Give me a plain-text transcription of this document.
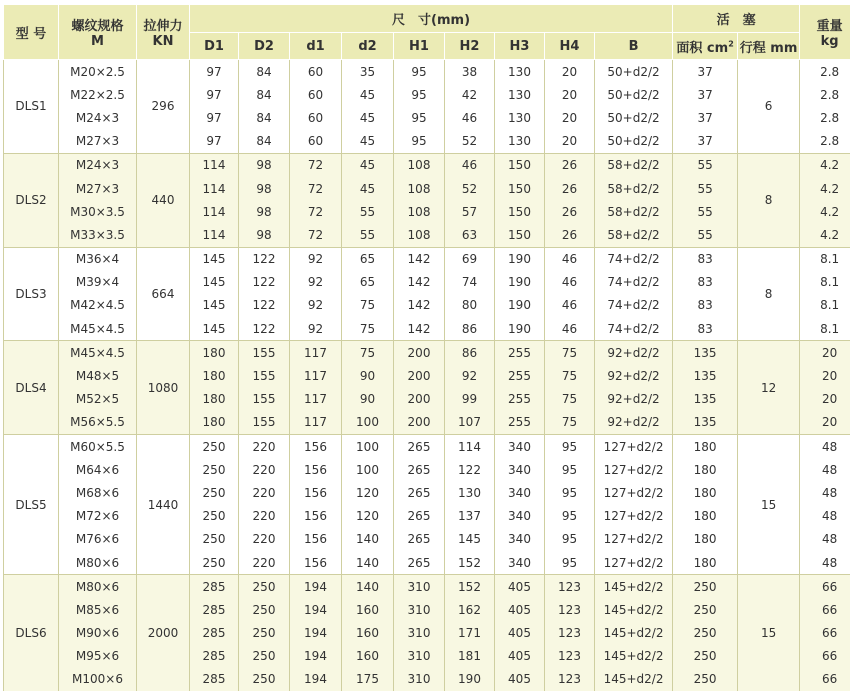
型 号	螺纹规格
M	拉伸力
KN	尺　寸(mm)									活　塞		重量
kg
			D1	D2	d1	d2	H1	H2	H3	H4	B	面积 $cm^2$	行程 mm	
DLS1	M20×2.5	296	97	84	60	35	95	38	130	20	50+d2/2	37	6	2.8
	M22×2.5		97	84	60	45	95	42	130	20	50+d2/2	37		2.8
	M24×3		97	84	60	45	95	46	130	20	50+d2/2	37		2.8
	M27×3		97	84	60	45	95	52	130	20	50+d2/2	37		2.8
DLS2	M24×3	440	114	98	72	45	108	46	150	26	58+d2/2	55	8	4.2
	M27×3		114	98	72	45	108	52	150	26	58+d2/2	55		4.2
	M30×3.5		114	98	72	55	108	57	150	26	58+d2/2	55		4.2
	M33×3.5		114	98	72	55	108	63	150	26	58+d2/2	55		4.2
DLS3	M36×4	664	145	122	92	65	142	69	190	46	74+d2/2	83	8	8.1
	M39×4		145	122	92	65	142	74	190	46	74+d2/2	83		8.1
	M42×4.5		145	122	92	75	142	80	190	46	74+d2/2	83		8.1
	M45×4.5		145	122	92	75	142	86	190	46	74+d2/2	83		8.1
DLS4	M45×4.5	1080	180	155	117	75	200	86	255	75	92+d2/2	135	12	20
	M48×5		180	155	117	90	200	92	255	75	92+d2/2	135		20
	M52×5		180	155	117	90	200	99	255	75	92+d2/2	135		20
	M56×5.5		180	155	117	100	200	107	255	75	92+d2/2	135		20
DLS5	M60×5.5	1440	250	220	156	100	265	114	340	95	127+d2/2	180	15	48
	M64×6		250	220	156	100	265	122	340	95	127+d2/2	180		48
	M68×6		250	220	156	120	265	130	340	95	127+d2/2	180		48
	M72×6		250	220	156	120	265	137	340	95	127+d2/2	180		48
	M76×6		250	220	156	140	265	145	340	95	127+d2/2	180		48
	M80×6		250	220	156	140	265	152	340	95	127+d2/2	180		48
DLS6	M80×6	2000	285	250	194	140	310	152	405	123	145+d2/2	250	15	66
	M85×6		285	250	194	160	310	162	405	123	145+d2/2	250		66
	M90×6		285	250	194	160	310	171	405	123	145+d2/2	250		66
	M95×6		285	250	194	160	310	181	405	123	145+d2/2	250		66
	M100×6		285	250	194	175	310	190	405	123	145+d2/2	250		66
